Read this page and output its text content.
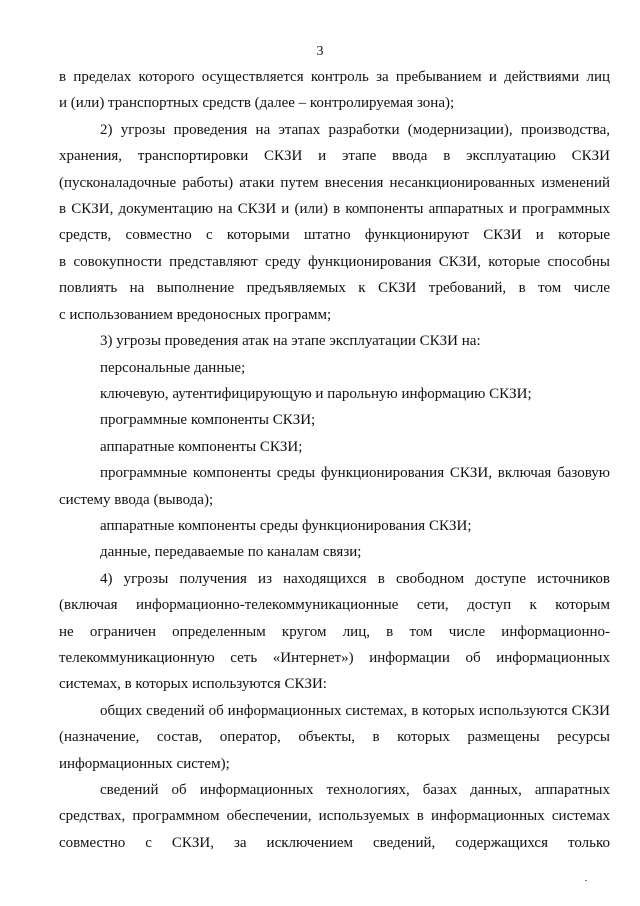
3
в пределах которого осуществляется контроль за пребыванием и действиями лиц
и (или) транспортных средств (далее – контролируемая зона);
2) угрозы проведения на этапах разработки (модернизации), производства,
хранения, транспортировки СКЗИ и этапе ввода в эксплуатацию СКЗИ
(пусконаладочные работы) атаки путем внесения несанкционированных изменений
в СКЗИ, документацию на СКЗИ и (или) в компоненты аппаратных и программных
средств, совместно с которыми штатно функционируют СКЗИ и которые
в совокупности представляют среду функционирования СКЗИ, которые способны
повлиять на выполнение предъявляемых к СКЗИ требований, в том числе
с использованием вредоносных программ;
3) угрозы проведения атак на этапе эксплуатации СКЗИ на:
персональные данные;
ключевую, аутентифицирующую и парольную информацию СКЗИ;
программные компоненты СКЗИ;
аппаратные компоненты СКЗИ;
программные компоненты среды функционирования СКЗИ, включая базовую
систему ввода (вывода);
аппаратные компоненты среды функционирования СКЗИ;
данные, передаваемые по каналам связи;
4) угрозы получения из находящихся в свободном доступе источников
(включая информационно-телекоммуникационные сети, доступ к которым
не ограничен определенным кругом лиц, в том числе информационно-
телекоммуникационную сеть «Интернет») информации об информационных
системах, в которых используются СКЗИ:
общих сведений об информационных системах, в которых используются СКЗИ
(назначение, состав, оператор, объекты, в которых размещены ресурсы
информационных систем);
сведений об информационных технологиях, базах данных, аппаратных
средствах, программном обеспечении, используемых в информационных системах
совместно с СКЗИ, за исключением сведений, содержащихся только
